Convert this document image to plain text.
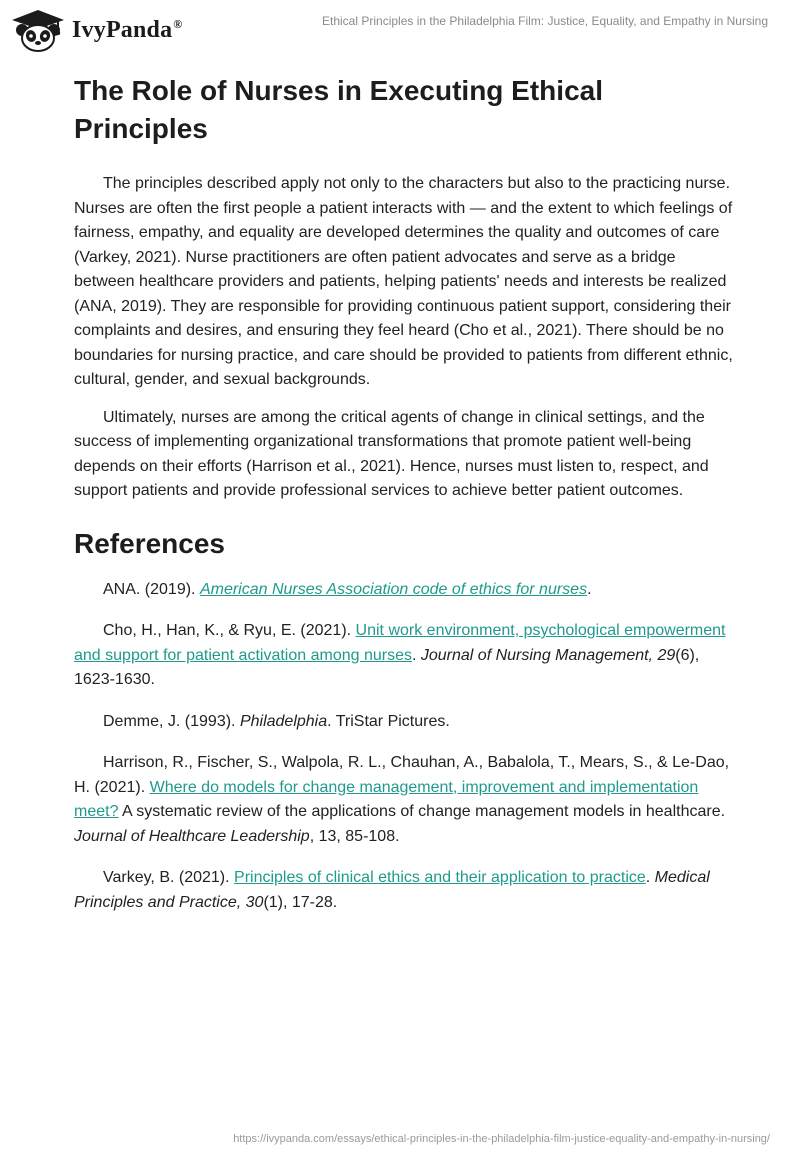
IvyPanda®	Ethical Principles in the Philadelphia Film: Justice, Equality, and Empathy in Nursing
The Role of Nurses in Executing Ethical Principles

The principles described apply not only to the characters but also to the practicing nurse. Nurses are often the first people a patient interacts with — and the extent to which feelings of fairness, empathy, and equality are developed determines the quality and outcomes of care (Varkey, 2021). Nurse practitioners are often patient advocates and serve as a bridge between healthcare providers and patients, helping patients' needs and interests be realized (ANA, 2019). They are responsible for providing continuous patient support, considering their complaints and desires, and ensuring they feel heard (Cho et al., 2021). There should be no boundaries for nursing practice, and care should be provided to patients from different ethnic, cultural, gender, and sexual backgrounds.

Ultimately, nurses are among the critical agents of change in clinical settings, and the success of implementing organizational transformations that promote patient well-being depends on their efforts (Harrison et al., 2021). Hence, nurses must listen to, respect, and support patients and provide professional services to achieve better patient outcomes.

References

ANA. (2019). American Nurses Association code of ethics for nurses.

Cho, H., Han, K., & Ryu, E. (2021). Unit work environment, psychological empowerment and support for patient activation among nurses. Journal of Nursing Management, 29(6), 1623-1630.

Demme, J. (1993). Philadelphia. TriStar Pictures.

Harrison, R., Fischer, S., Walpola, R. L., Chauhan, A., Babalola, T., Mears, S., & Le-Dao, H. (2021). Where do models for change management, improvement and implementation meet? A systematic review of the applications of change management models in healthcare. Journal of Healthcare Leadership, 13, 85-108.

Varkey, B. (2021). Principles of clinical ethics and their application to practice. Medical Principles and Practice, 30(1), 17-28.

https://ivypanda.com/essays/ethical-principles-in-the-philadelphia-film-justice-equality-and-empathy-in-nursing/
